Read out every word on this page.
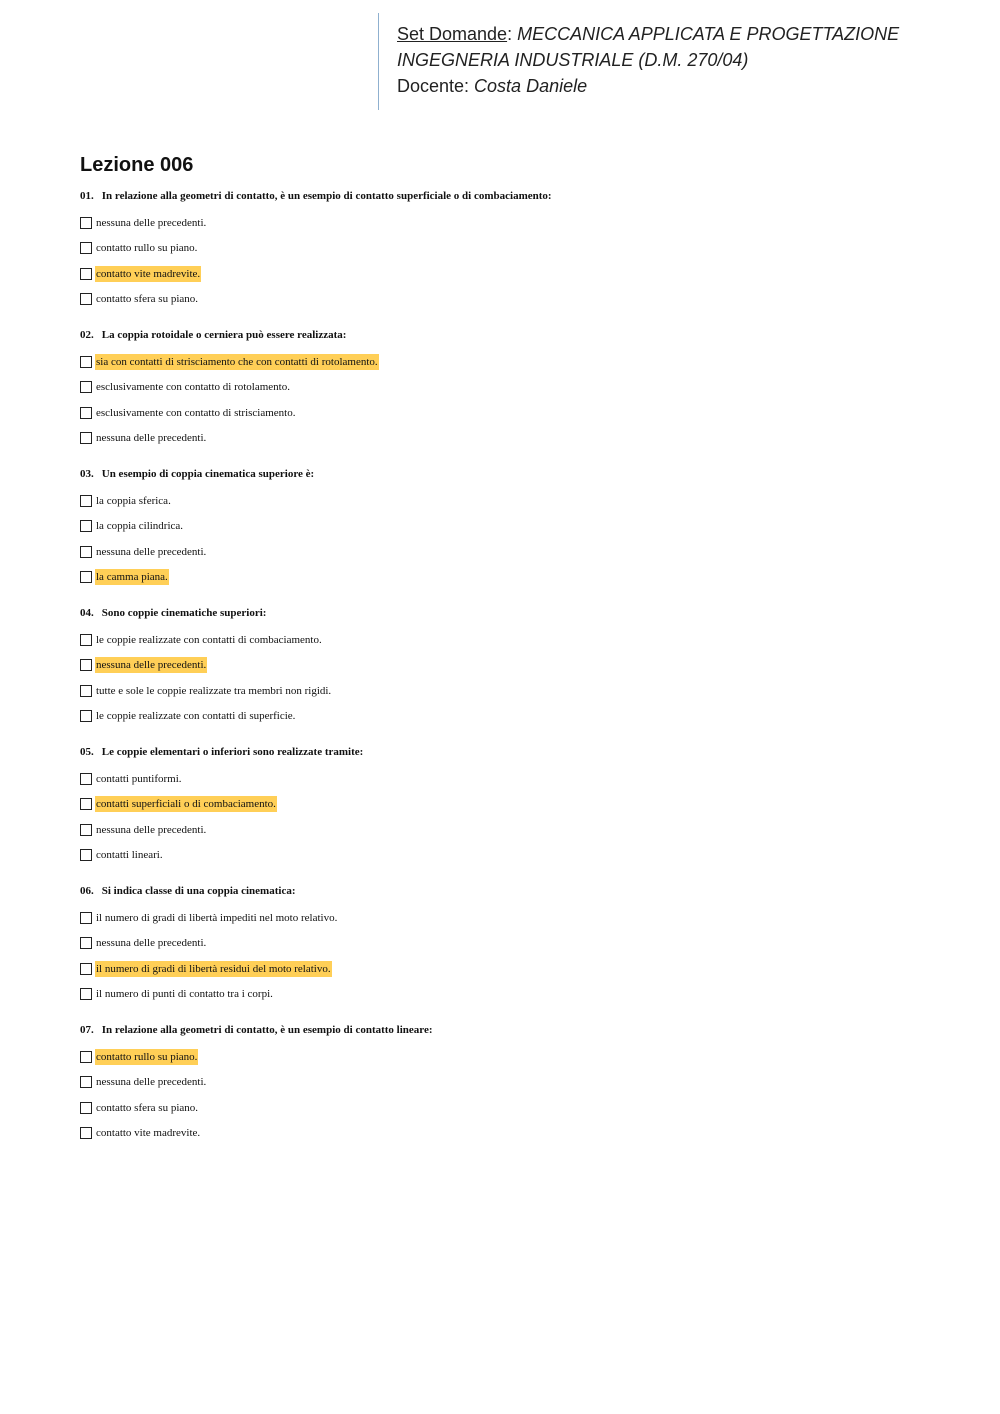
Set Domande: MECCANICA APPLICATA E PROGETTAZIONE
INGEGNERIA INDUSTRIALE (D.M. 270/04)
Docente: Costa Daniele
Lezione 006
01. In relazione alla geometri di contatto, è un esempio di contatto superficiale o di combaciamento:
nessuna delle precedenti.
contatto rullo su piano.
contatto vite madrevite.
contatto sfera su piano.
02. La coppia rotoidale o cerniera può essere realizzata:
sia con contatti di strisciamento che con contatti di rotolamento.
esclusivamente con contatto di rotolamento.
esclusivamente con contatto di strisciamento.
nessuna delle precedenti.
03. Un esempio di coppia cinematica superiore è:
la coppia sferica.
la coppia cilindrica.
nessuna delle precedenti.
la camma piana.
04. Sono coppie cinematiche superiori:
le coppie realizzate con contatti di combaciamento.
nessuna delle precedenti.
tutte e sole le coppie realizzate tra membri non rigidi.
le coppie realizzate con contatti di superficie.
05. Le coppie elementari o inferiori sono realizzate tramite:
contatti puntiformi.
contatti superficiali o di combaciamento.
nessuna delle precedenti.
contatti lineari.
06. Si indica classe di una coppia cinematica:
il numero di gradi di libertà impediti nel moto relativo.
nessuna delle precedenti.
il numero di gradi di libertà residui del moto relativo.
il numero di punti di contatto tra i corpi.
07. In relazione alla geometri di contatto, è un esempio di contatto lineare:
contatto rullo su piano.
nessuna delle precedenti.
contatto sfera su piano.
contatto vite madrevite.
